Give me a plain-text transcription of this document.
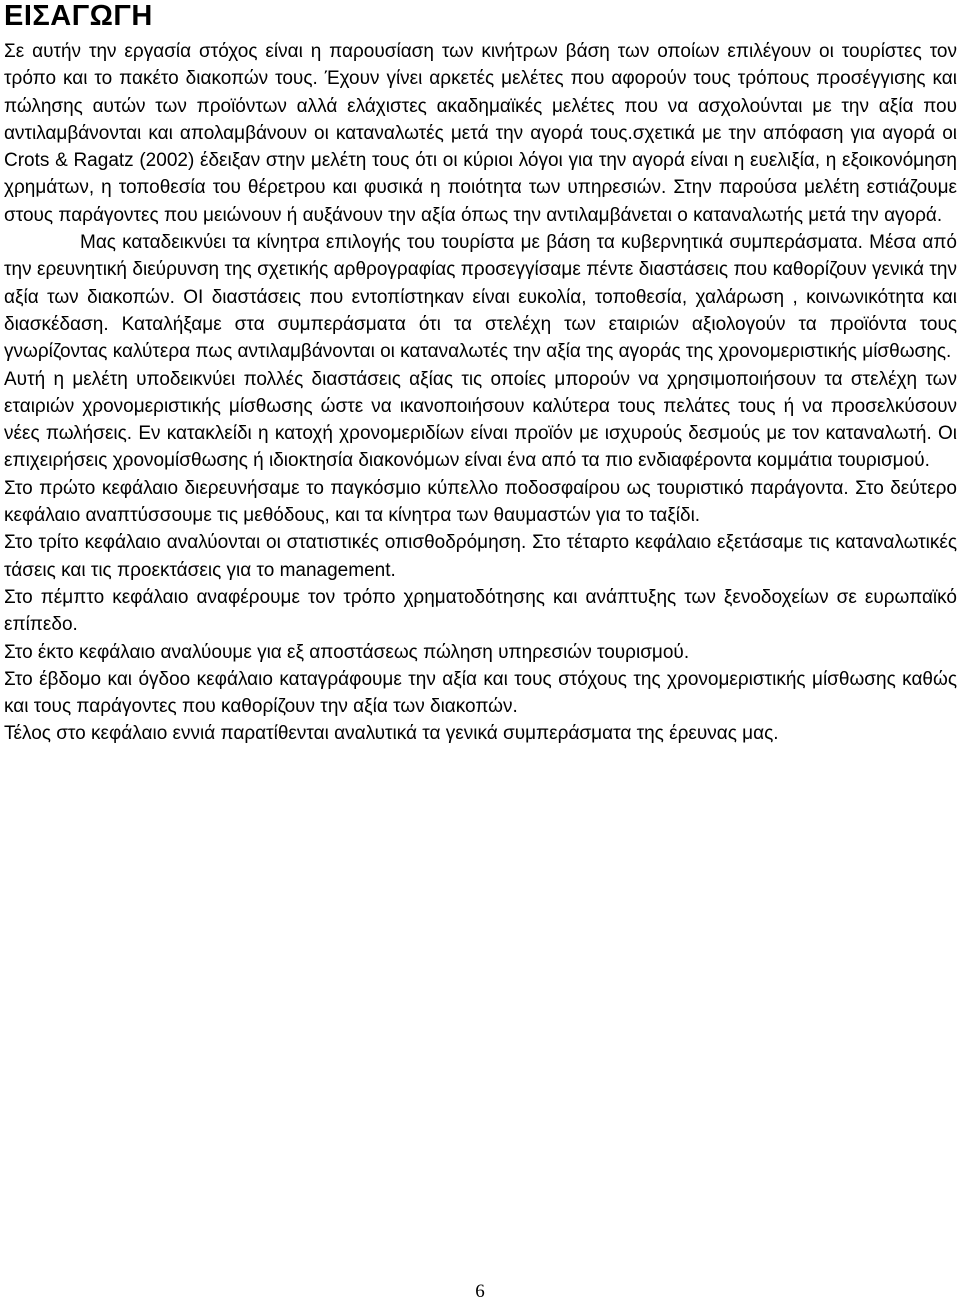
ΕΙΣΑΓΩΓΗ

Σε αυτήν την εργασία στόχος είναι η παρουσίαση των κινήτρων βάση των οποίων επιλέγουν οι τουρίστες τον τρόπο και το πακέτο διακοπών τους. Έχουν γίνει αρκετές μελέτες που αφορούν τους τρόπους προσέγγισης και πώλησης αυτών των προϊόντων αλλά ελάχιστες ακαδημαϊκές μελέτες που να ασχολούνται με την αξία που αντιλαμβάνονται και απολαμβάνουν οι καταναλωτές μετά την αγορά τους.σχετικά με την απόφαση για αγορά οι Crots & Ragatz (2002) έδειξαν στην μελέτη τους ότι οι κύριοι λόγοι για την αγορά είναι η ευελιξία, η εξοικονόμηση χρημάτων, η τοποθεσία του θέρετρου και φυσικά η ποιότητα των υπηρεσιών. Στην παρούσα μελέτη εστιάζουμε στους παράγοντες που μειώνουν ή αυξάνουν την αξία όπως την αντιλαμβάνεται ο καταναλωτής μετά την αγορά.

Μας καταδεικνύει τα κίνητρα επιλογής του τουρίστα με βάση τα κυβερνητικά συμπεράσματα. Μέσα από την ερευνητική διεύρυνση της σχετικής αρθρογραφίας προσεγγίσαμε πέντε διαστάσεις που καθορίζουν γενικά την αξία των διακοπών. ΟΙ διαστάσεις που εντοπίστηκαν είναι ευκολία, τοποθεσία, χαλάρωση , κοινωνικότητα και διασκέδαση. Καταλήξαμε στα συμπεράσματα ότι τα στελέχη των εταιριών αξιολογούν τα προϊόντα τους γνωρίζοντας καλύτερα πως αντιλαμβάνονται οι καταναλωτές την αξία της αγοράς της χρονομεριστικής μίσθωσης.

Αυτή η μελέτη υποδεικνύει πολλές διαστάσεις αξίας τις οποίες μπορούν να χρησιμοποιήσουν τα στελέχη των εταιριών χρονομεριστικής μίσθωσης ώστε να ικανοποιήσουν καλύτερα τους πελάτες τους ή να προσελκύσουν νέες πωλήσεις. Εν κατακλείδι η κατοχή χρονομεριδίων είναι προϊόν με ισχυρούς δεσμούς με τον καταναλωτή. Οι επιχειρήσεις χρονομίσθωσης ή ιδιοκτησία διακονόμων είναι ένα από τα πιο ενδιαφέροντα κομμάτια τουρισμού.

Στο πρώτο κεφάλαιο διερευνήσαμε το παγκόσμιο κύπελλο ποδοσφαίρου ως τουριστικό παράγοντα. Στο δεύτερο κεφάλαιο αναπτύσσουμε τις μεθόδους, και τα κίνητρα των θαυμαστών για το ταξίδι.

Στο τρίτο κεφάλαιο αναλύονται οι στατιστικές οπισθοδρόμηση. Στο τέταρτο κεφάλαιο εξετάσαμε τις καταναλωτικές τάσεις και τις προεκτάσεις για το management.

Στο πέμπτο κεφάλαιο αναφέρουμε τον τρόπο χρηματοδότησης και ανάπτυξης των ξενοδοχείων σε ευρωπαϊκό επίπεδο.

Στο έκτο κεφάλαιο αναλύουμε για εξ αποστάσεως πώληση υπηρεσιών τουρισμού.

Στο έβδομο και όγδοο κεφάλαιο καταγράφουμε την αξία και τους στόχους της χρονομεριστικής μίσθωσης καθώς και τους παράγοντες που καθορίζουν την αξία των διακοπών.

Τέλος στο κεφάλαιο εννιά παρατίθενται αναλυτικά τα γενικά συμπεράσματα της έρευνας μας.

6
